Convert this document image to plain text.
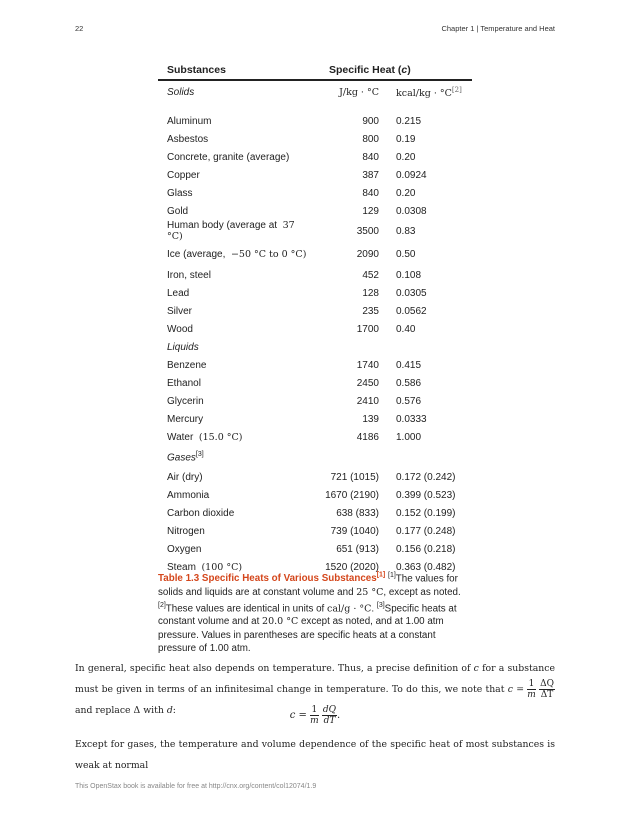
22	Chapter 1 | Temperature and Heat
Substances	Specific Heat (c)	
Solids	J/kg · °C	kcal/kg · °C[2]

Aluminum	900	0.215
Asbestos	800	0.19
Concrete, granite (average)	840	0.20
Copper	387	0.0924
Glass	840	0.20
Gold	129	0.0308
Human body (average at 37 °C)	3500	0.83
Ice (average, −50 °C to 0 °C)	2090	0.50
Iron, steel	452	0.108
Lead	128	0.0305
Silver	235	0.0562
Wood	1700	0.40
Liquids		
Benzene	1740	0.415
Ethanol	2450	0.586
Glycerin	2410	0.576
Mercury	139	0.0333
Water (15.0 °C)	4186	1.000
Gases[3]
Air (dry)	721 (1015)	0.172 (0.242)
Ammonia	1670 (2190)	0.399 (0.523)
Carbon dioxide	638 (833)	0.152 (0.199)
Nitrogen	739 (1040)	0.177 (0.248)
Oxygen	651 (913)	0.156 (0.218)
Steam (100 °C)	1520 (2020)	0.363 (0.482)
Table 1.3 Specific Heats of Various Substances[1] [1]The values for solids and liquids are at constant volume and 25 °C, except as noted. [2]These values are identical in units of cal/g · °C. [3]Specific heats at constant volume and at 20.0 °C except as noted, and at 1.00 atm pressure. Values in parentheses are specific heats at a constant pressure of 1.00 atm.
In general, specific heat also depends on temperature. Thus, a precise definition of c for a substance must be given in terms of an infinitesimal change in temperature. To do this, we note that $c = \frac{1}{m}$
$\frac{\Delta Q}{\Delta T}$
and replace Δ with d:	$c = \frac{1}{m}$
$\frac{dQ}{dT}$ .
Except for gases, the temperature and volume dependence of the specific heat of most substances is weak at normal
This OpenStax book is available for free at http://cnx.org/content/col12074/1.9
